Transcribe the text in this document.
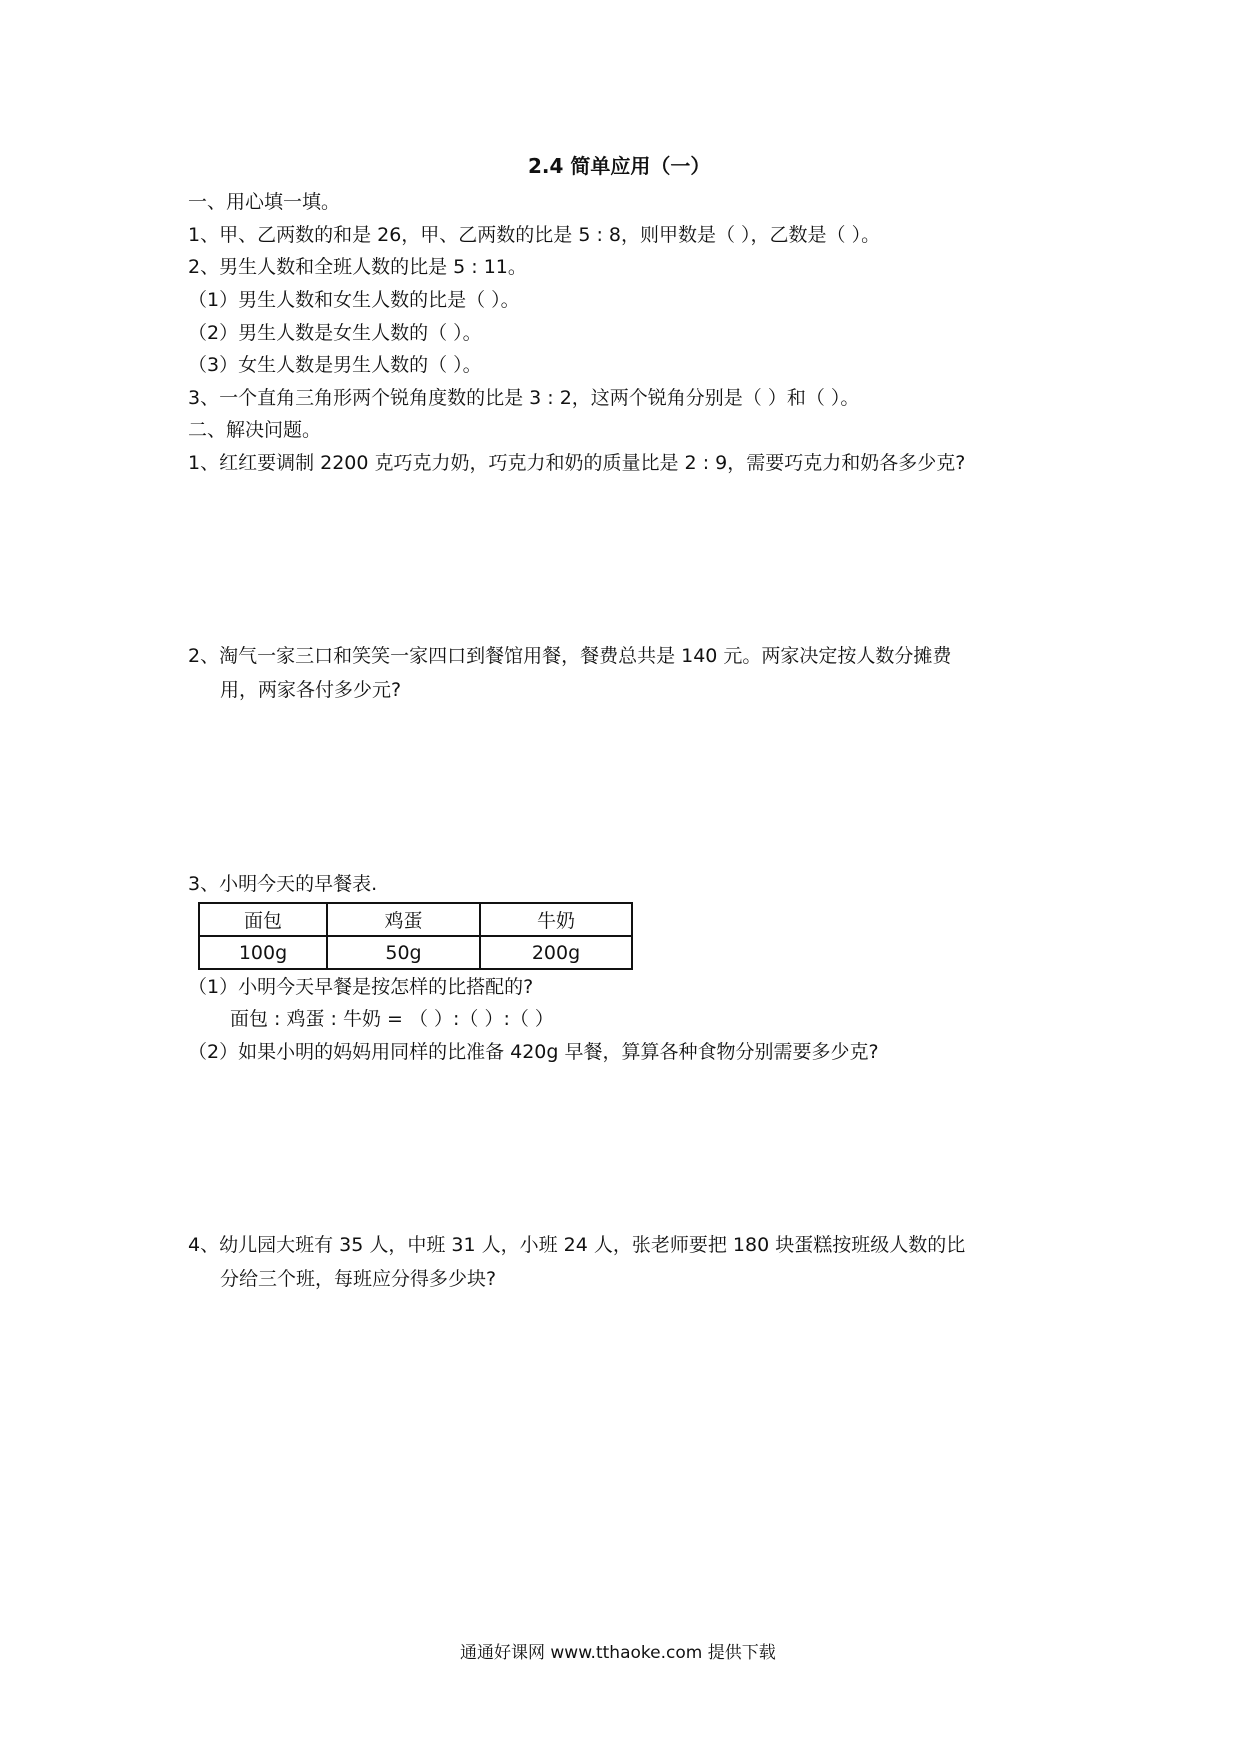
2.4 简单应用（一）
一、用心填一填。
1、甲、乙两数的和是 26，甲、乙两数的比是 5 : 8，则甲数是（ ），乙数是（ ）。
2、男生人数和全班人数的比是 5 : 11。
（1）男生人数和女生人数的比是（ ）。
（2）男生人数是女生人数的（ ）。
（3）女生人数是男生人数的（ ）。
3、一个直角三角形两个锐角度数的比是 3 : 2，这两个锐角分别是（ ）和（ ）。
二、解决问题。
1、红红要调制 2200 克巧克力奶，巧克力和奶的质量比是 2 : 9，需要巧克力和奶各多少克?
2、淘气一家三口和笑笑一家四口到餐馆用餐，餐费总共是 140 元。两家决定按人数分摊费
用，两家各付多少元?
3、小明今天的早餐表.
面包	鸡蛋	牛奶
100g	50g	200g
（1）小明今天早餐是按怎样的比搭配的?
面包 : 鸡蛋 : 牛奶 = （ ）:（ ）:（ ）
（2）如果小明的妈妈用同样的比准备 420g 早餐，算算各种食物分别需要多少克?
4、幼儿园大班有 35 人，中班 31 人，小班 24 人，张老师要把 180 块蛋糕按班级人数的比
分给三个班，每班应分得多少块?
通通好课网 www.tthaoke.com 提供下载
